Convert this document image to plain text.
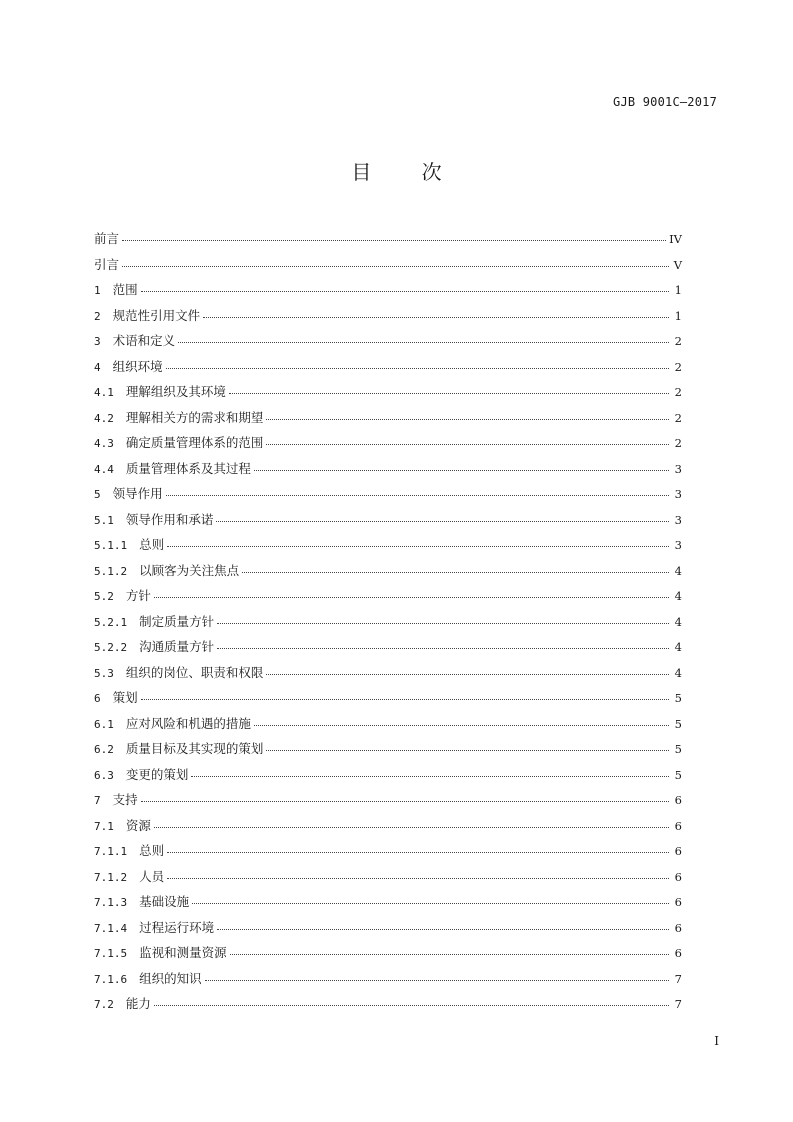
GJB 9001C—2017
目 次
前言	IV
引言	V
1 范围	1
2 规范性引用文件	1
3 术语和定义	2
4 组织环境	2
4.1 理解组织及其环境	2
4.2 理解相关方的需求和期望	2
4.3 确定质量管理体系的范围	2
4.4 质量管理体系及其过程	3
5 领导作用	3
5.1 领导作用和承诺	3
5.1.1 总则	3
5.1.2 以顾客为关注焦点	4
5.2 方针	4
5.2.1 制定质量方针	4
5.2.2 沟通质量方针	4
5.3 组织的岗位、职责和权限	4
6 策划	5
6.1 应对风险和机遇的措施	5
6.2 质量目标及其实现的策划	5
6.3 变更的策划	5
7 支持	6
7.1 资源	6
7.1.1 总则	6
7.1.2 人员	6
7.1.3 基础设施	6
7.1.4 过程运行环境	6
7.1.5 监视和测量资源	6
7.1.6 组织的知识	7
7.2 能力	7
I
